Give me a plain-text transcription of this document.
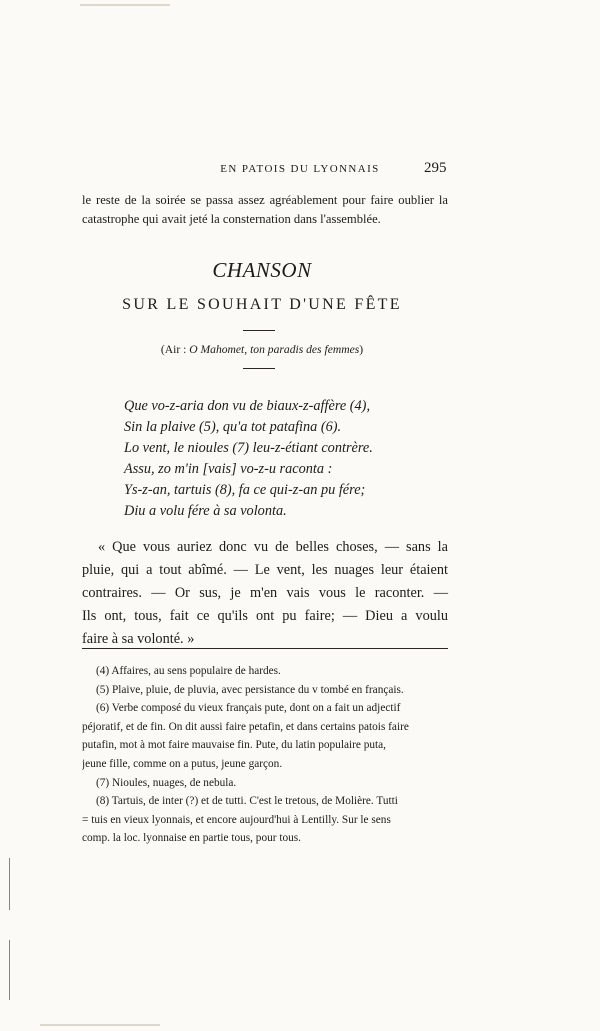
EN PATOIS DU LYONNAIS	295
le reste de la soirée se passa assez agréablement pour faire oublier la
catastrophe qui avait jeté la consternation dans l'assemblée.
CHANSON
SUR LE SOUHAIT D'UNE FÊTE
(Air : O Mahomet, ton paradis des femmes)
Que vo-z-aria don vu de biaux-z-affère (4),
Sin la plaive (5), qu'a tot patafina (6).
Lo vent, le nioules (7) leu-z-étiant contrère.
Assu, zo m'in [vais] vo-z-u raconta :
Ys-z-an, tartuis (8), fa ce qui-z-an pu fére;
Diu a volu fére à sa volonta.
« Que vous auriez donc vu de belles choses, — sans la
pluie, qui a tout abîmé. — Le vent, les nuages leur étaient
contraires. — Or sus, je m'en vais vous le raconter. —
Ils ont, tous, fait ce qu'ils ont pu faire; — Dieu a voulu
faire à sa volonté. »
(4) Affaires, au sens populaire de hardes.
(5) Plaive, pluie, de pluvia, avec persistance du v tombé en français.
(6) Verbe composé du vieux français pute, dont on a fait un adjectif
péjoratif, et de fin. On dit aussi faire petafin, et dans certains patois faire
putafin, mot à mot faire mauvaise fin. Pute, du latin populaire puta,
jeune fille, comme on a putus, jeune garçon.
(7) Nioules, nuages, de nebula.
(8) Tartuis, de inter (?) et de tutti. C'est le tretous, de Molière. Tutti
= tuis en vieux lyonnais, et encore aujourd'hui à Lentilly. Sur le sens
comp. la loc. lyonnaise en partie tous, pour tous.
